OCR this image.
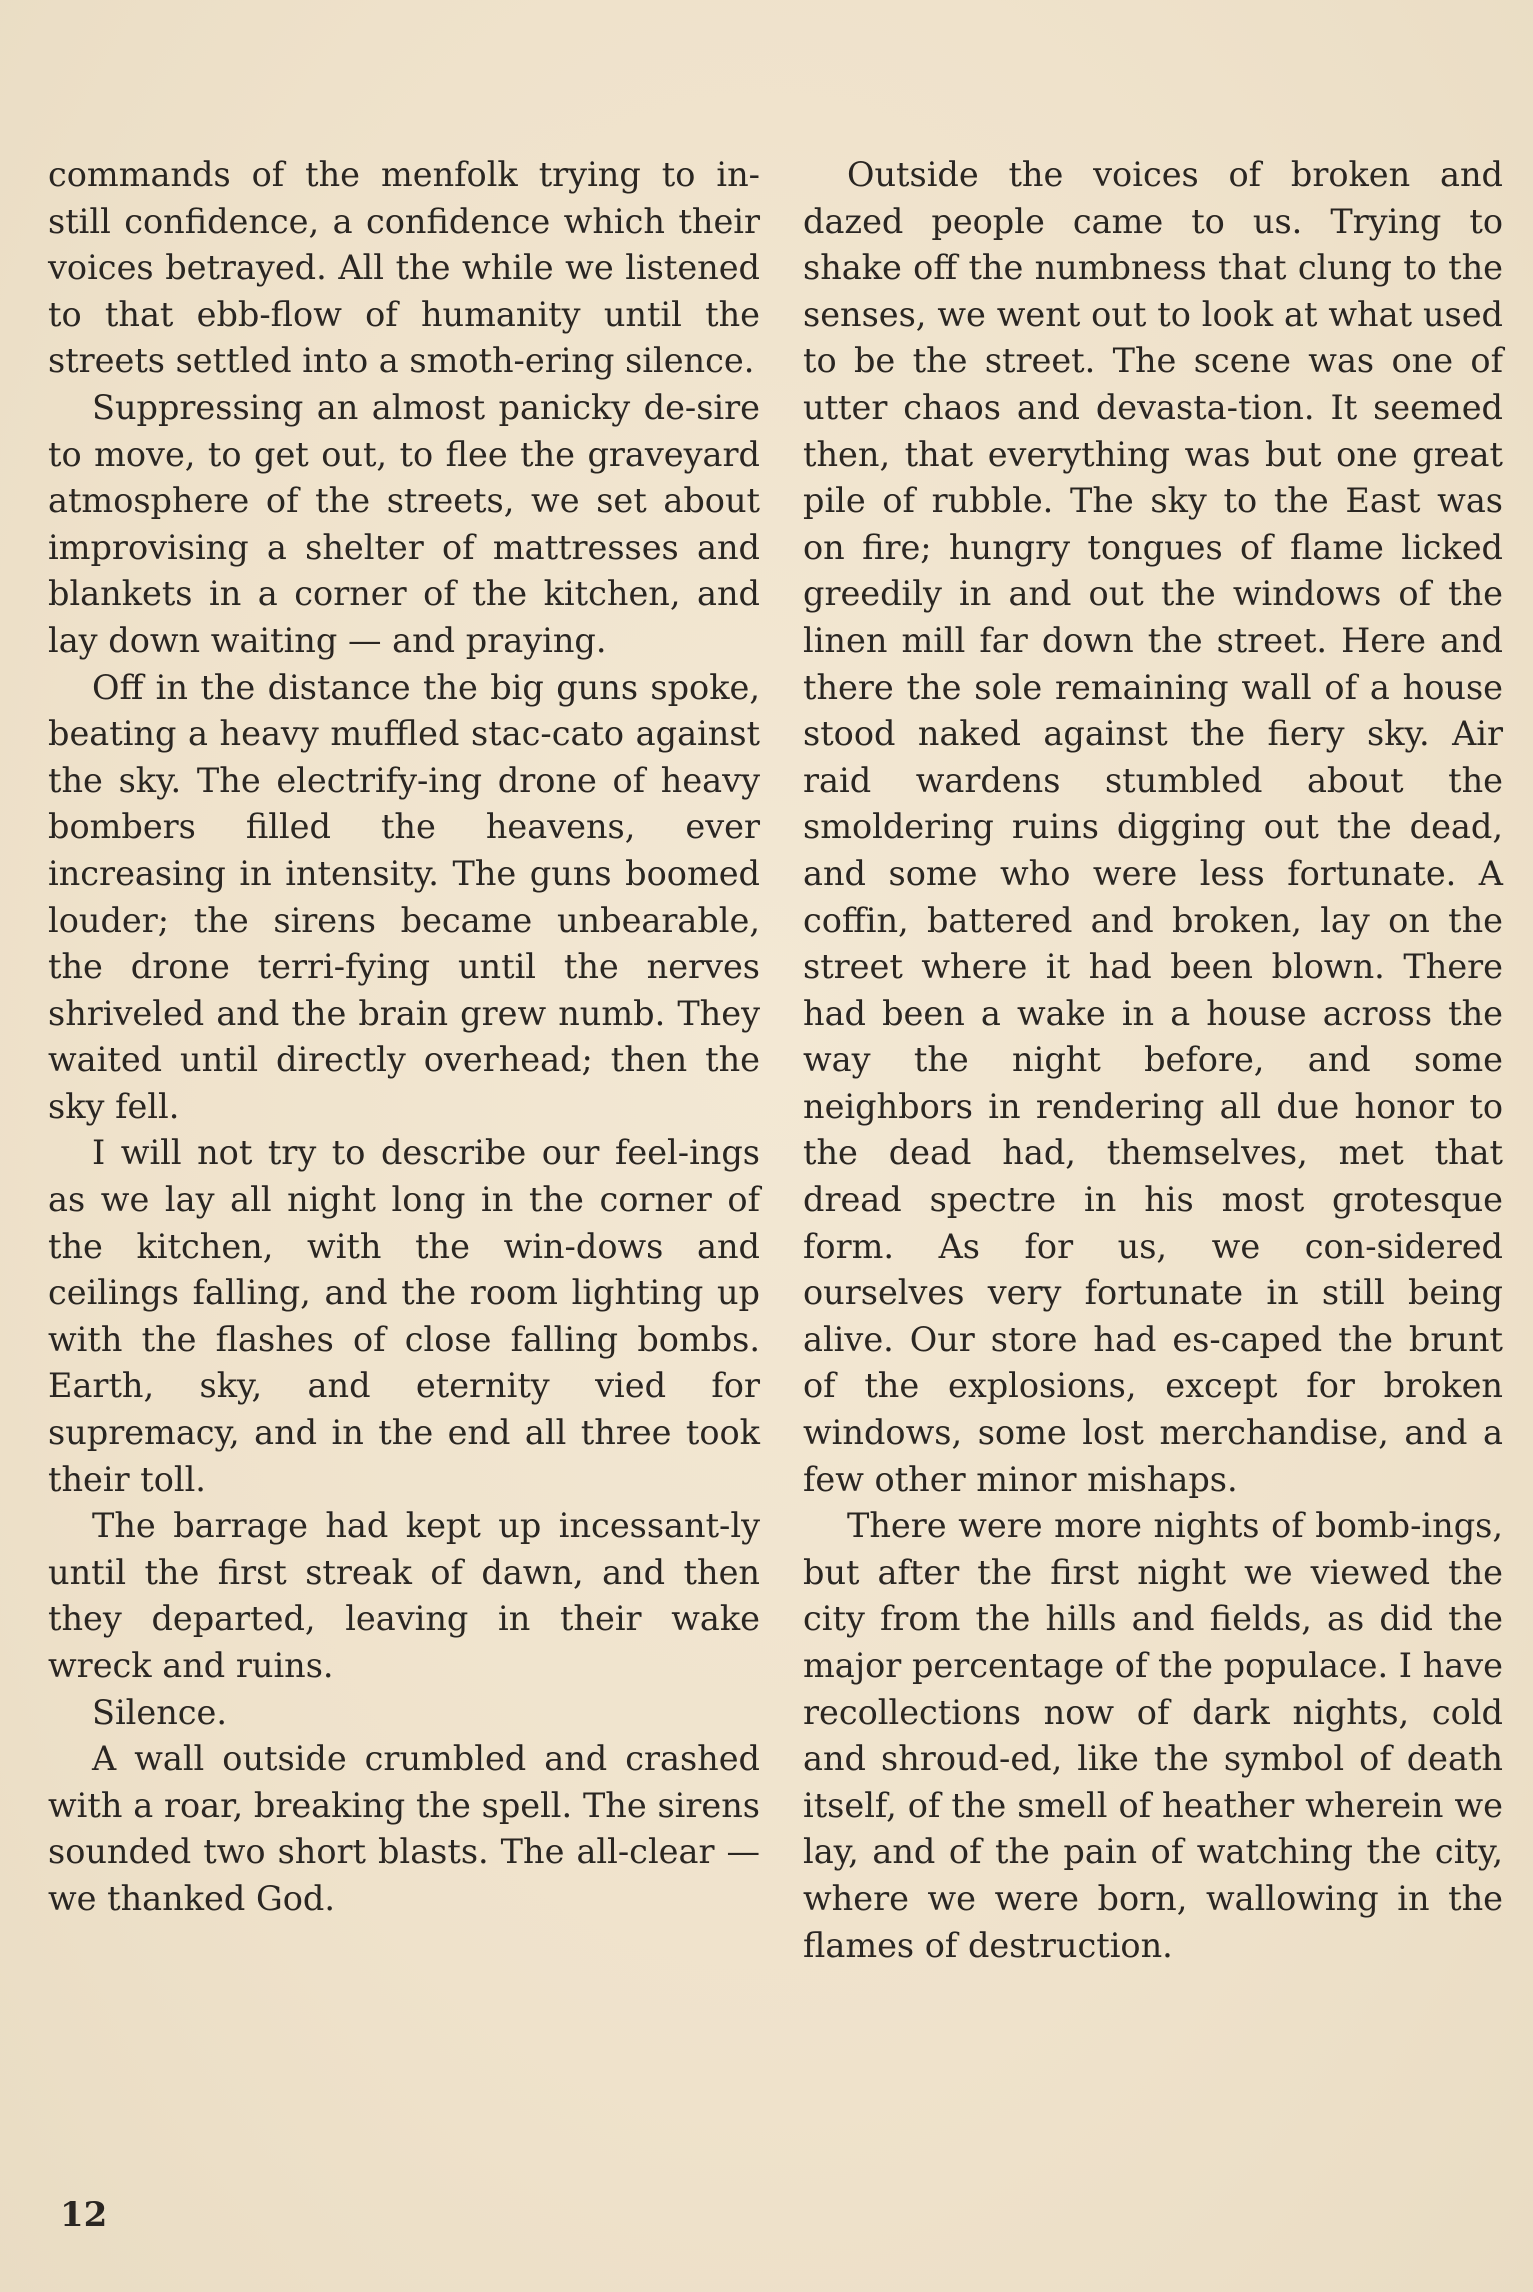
commands of the menfolk trying to in-still confidence, a confidence which their voices betrayed. All the while we listened to that ebb-flow of humanity until the streets settled into a smoth-ering silence.

Suppressing an almost panicky de-sire to move, to get out, to flee the graveyard atmosphere of the streets, we set about improvising a shelter of mattresses and blankets in a corner of the kitchen, and lay down waiting — and praying.

Off in the distance the big guns spoke, beating a heavy muffled stac-cato against the sky. The electrify-ing drone of heavy bombers filled the heavens, ever increasing in intensity. The guns boomed louder; the sirens became unbearable, the drone terri-fying until the nerves shriveled and the brain grew numb. They waited until directly overhead; then the sky fell.

I will not try to describe our feel-ings as we lay all night long in the corner of the kitchen, with the win-dows and ceilings falling, and the room lighting up with the flashes of close falling bombs. Earth, sky, and eternity vied for supremacy, and in the end all three took their toll.

The barrage had kept up incessant-ly until the first streak of dawn, and then they departed, leaving in their wake wreck and ruins.

Silence.

A wall outside crumbled and crashed with a roar, breaking the spell. The sirens sounded two short blasts. The all-clear — we thanked God.

Outside the voices of broken and dazed people came to us. Trying to shake off the numbness that clung to the senses, we went out to look at what used to be the street. The scene was one of utter chaos and devasta-tion. It seemed then, that everything was but one great pile of rubble. The sky to the East was on fire; hungry tongues of flame licked greedily in and out the windows of the linen mill far down the street. Here and there the sole remaining wall of a house stood naked against the fiery sky. Air raid wardens stumbled about the smoldering ruins digging out the dead, and some who were less fortunate. A coffin, battered and broken, lay on the street where it had been blown. There had been a wake in a house across the way the night before, and some neighbors in rendering all due honor to the dead had, themselves, met that dread spectre in his most grotesque form. As for us, we con-sidered ourselves very fortunate in still being alive. Our store had es-caped the brunt of the explosions, except for broken windows, some lost merchandise, and a few other minor mishaps.

There were more nights of bomb-ings, but after the first night we viewed the city from the hills and fields, as did the major percentage of the populace. I have recollections now of dark nights, cold and shroud-ed, like the symbol of death itself, of the smell of heather wherein we lay, and of the pain of watching the city, where we were born, wallowing in the flames of destruction.

12
